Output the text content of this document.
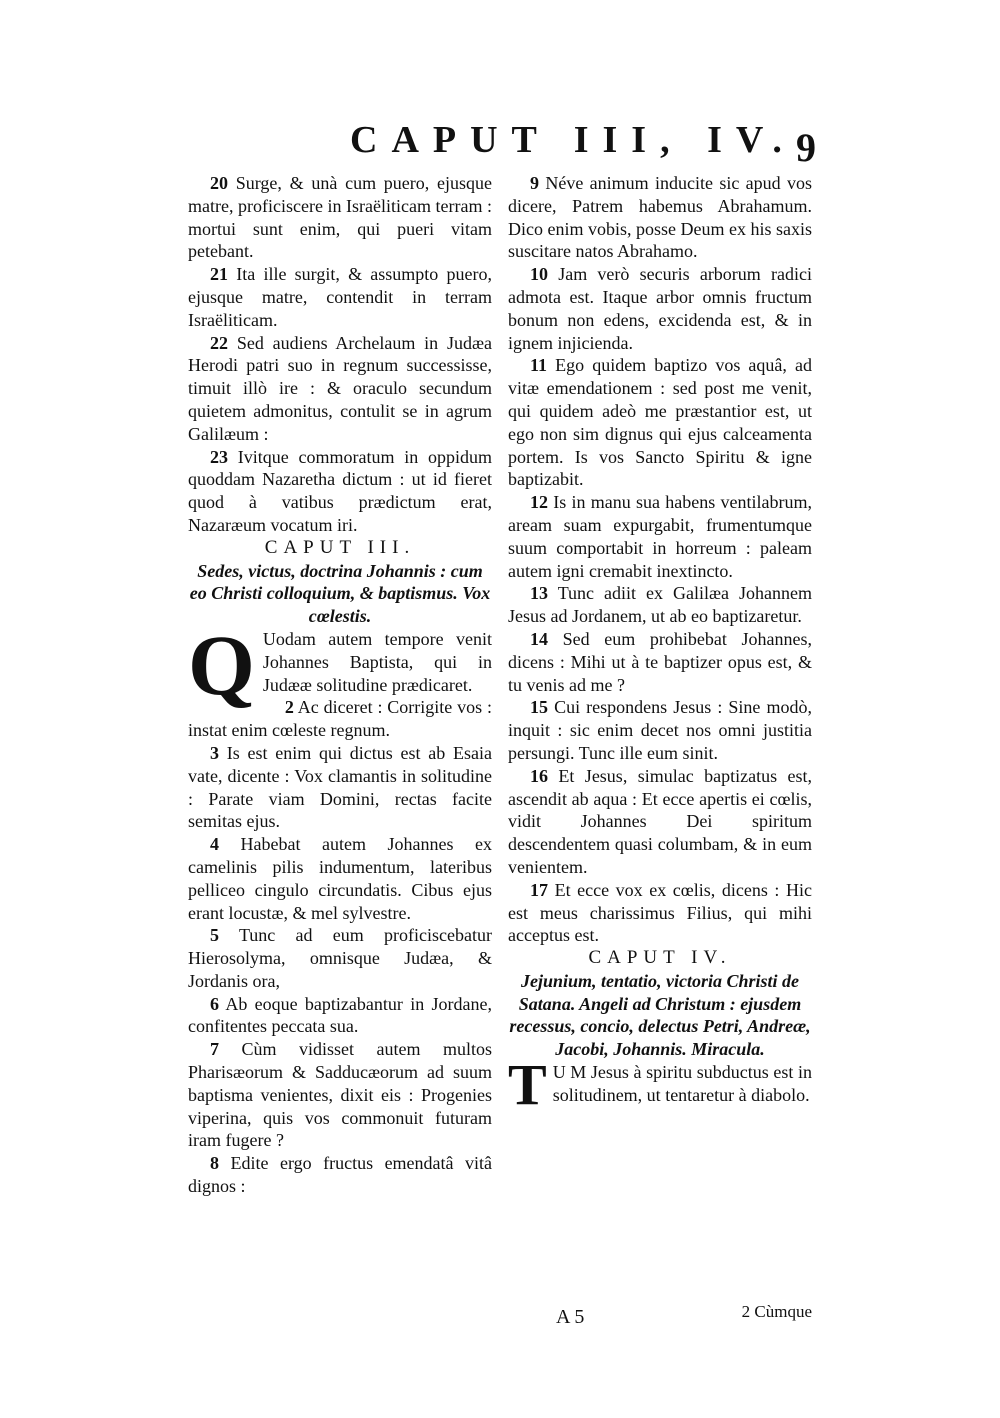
CAPUT III, IV. 9

20 Surge, & unà cum puero, ejusque matre, proficiscere in Israëliticam terram : mortui sunt enim, qui pueri vitam petebant.

21 Ita ille surgit, & assumpto puero, ejusque matre, contendit in terram Israëliticam.

22 Sed audiens Archelaum in Judæa Herodi patri suo in regnum successisse, timuit illò ire : & oraculo secundum quietem admonitus, contulit se in agrum Galilæum :

23 Ivitque commoratum in oppidum quoddam Nazaretha dictum : ut id fieret quod à vatibus prædictum erat, Nazaræum vocatum iri.

CAPUT III.

Sedes, victus, doctrina Johannis : cum eo Christi colloquium, & baptismus. Vox cœlestis.

Q Uodam autem tempore venit Johannes Baptista, qui in Judææ solitudine prædicaret.

2 Ac diceret : Corrigite vos : instat enim cœleste regnum.

3 Is est enim qui dictus est ab Esaia vate, dicente : Vox clamantis in solitudine : Parate viam Domini, rectas facite semitas ejus.

4 Habebat autem Johannes ex camelinis pilis indumentum, lateribus pelliceo cingulo circundatis. Cibus ejus erant locustæ, & mel sylvestre.

5 Tunc ad eum proficiscebatur Hierosolyma, omnisque Judæa, & Jordanis ora,

6 Ab eoque baptizabantur in Jordane, confitentes peccata sua.

7 Cùm vidisset autem multos Pharisæorum & Sadducæorum ad suum baptisma venientes, dixit eis : Progenies viperina, quis vos commonuit futuram iram fugere ?

8 Edite ergo fructus emendatâ vitâ dignos :

9 Néve animum inducite sic apud vos dicere, Patrem habemus Abrahamum. Dico enim vobis, posse Deum ex his saxis suscitare natos Abrahamo.

10 Jam verò securis arborum radici admota est. Itaque arbor omnis fructum bonum non edens, excidenda est, & in ignem injicienda.

11 Ego quidem baptizo vos aquâ, ad vitæ emendationem : sed post me venit, qui quidem adeò me præstantior est, ut ego non sim dignus qui ejus calceamenta portem. Is vos Sancto Spiritu & igne baptizabit.

12 Is in manu sua habens ventilabrum, aream suam expurgabit, frumentumque suum comportabit in horreum : paleam autem igni cremabit inextincto.

13 Tunc adiit ex Galilæa Johannem Jesus ad Jordanem, ut ab eo baptizaretur.

14 Sed eum prohibebat Johannes, dicens : Mihi ut à te baptizer opus est, & tu venis ad me ?

15 Cui respondens Jesus : Sine modò, inquit : sic enim decet nos omni justitia persungi. Tunc ille eum sinit.

16 Et Jesus, simulac baptizatus est, ascendit ab aqua : Et ecce apertis ei cœlis, vidit Johannes Dei spiritum descendentem quasi columbam, & in eum venientem.

17 Et ecce vox ex cœlis, dicens : Hic est meus charissimus Filius, qui mihi acceptus est.

CAPUT IV.

Jejunium, tentatio, victoria Christi de Satana. Angeli ad Christum : ejusdem recessus, concio, delectus Petri, Andreæ, Jacobi, Johannis. Miracula.

T U M Jesus à spiritu subductus est in solitudinem, ut tentaretur à diabolo.

A 5	2 Cùmque
